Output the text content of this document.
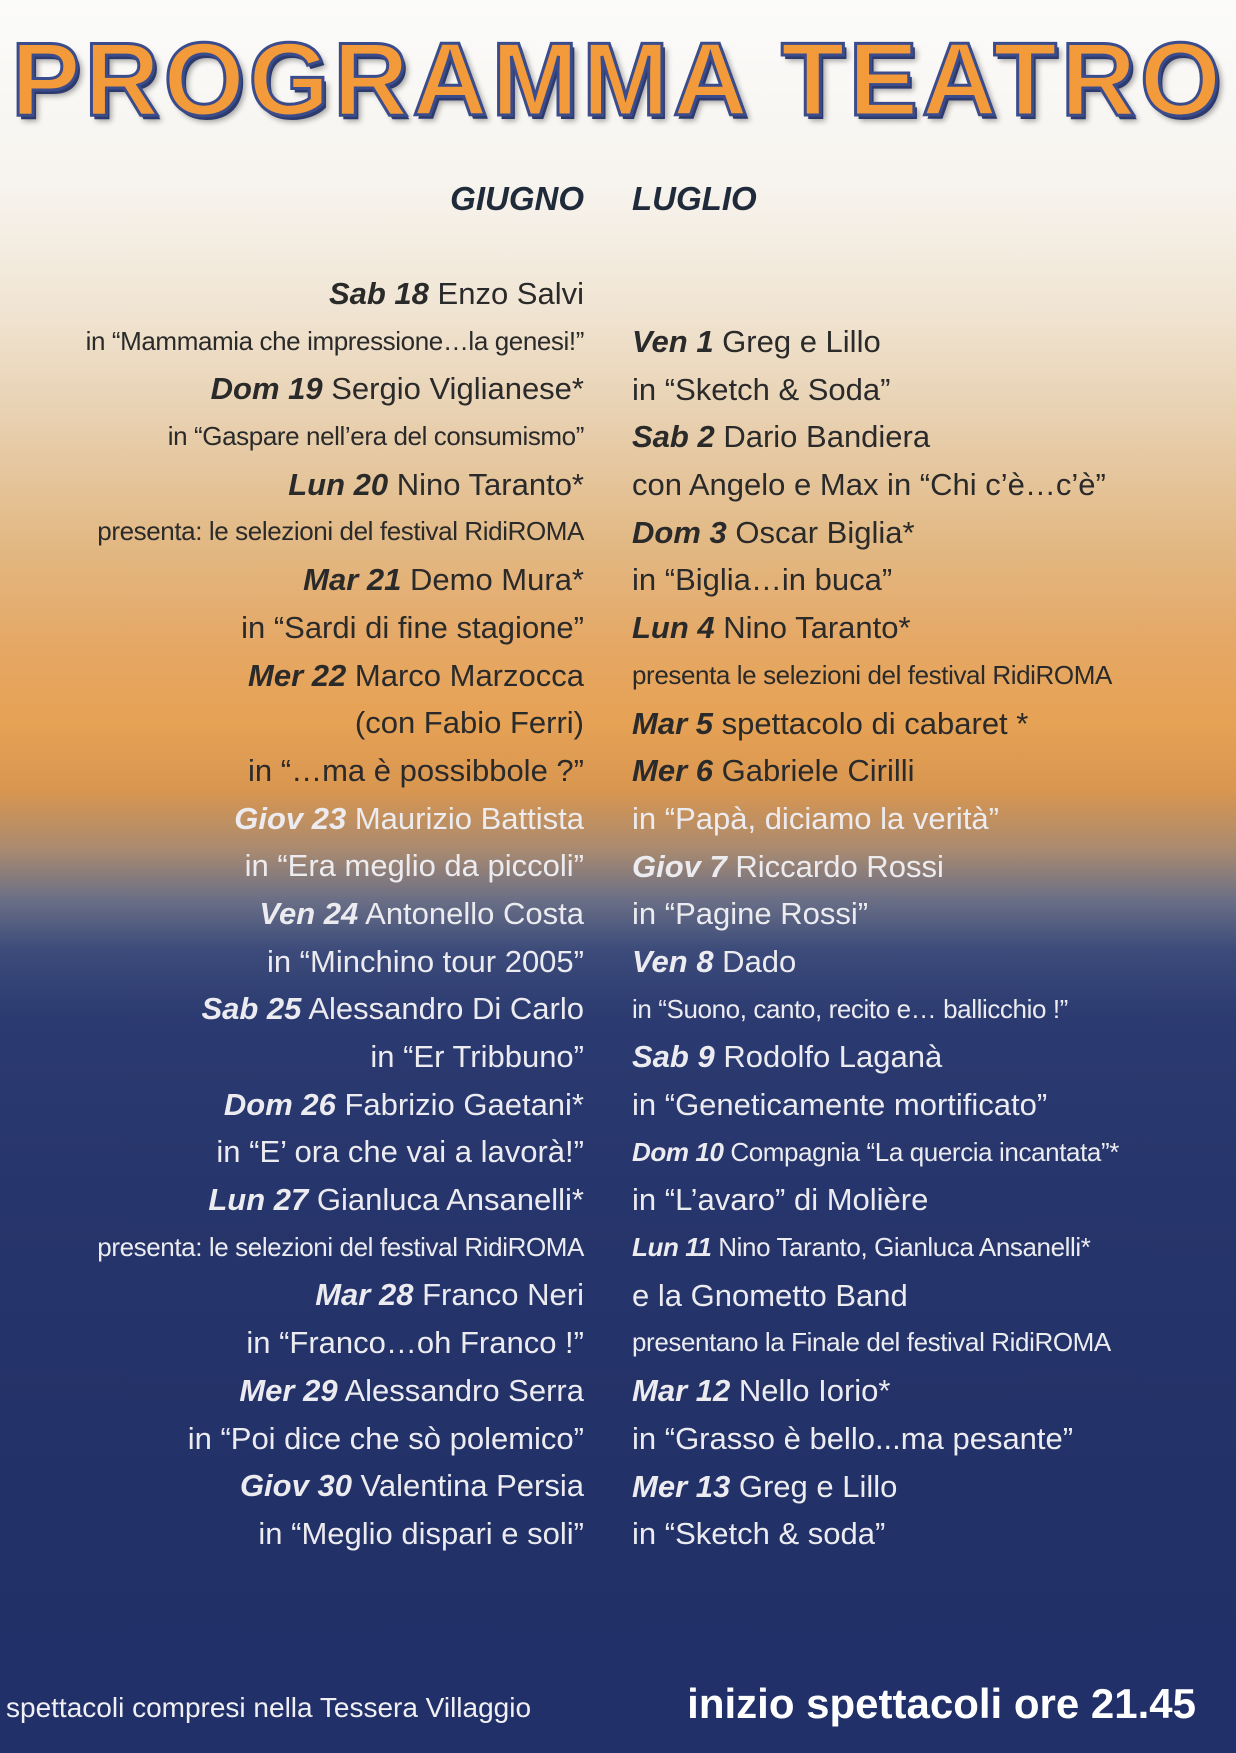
PROGRAMMA TEATRO
GIUGNO LUGLIO
Sab 18 Enzo Salvi
in “Mammamia che impressione…la genesi!”
Dom 19 Sergio Viglianese*
in “Gaspare nell’era del consumismo”
Lun 20 Nino Taranto*
presenta: le selezioni del festival RidiROMA
Mar 21 Demo Mura*
in “Sardi di fine stagione”
Mer 22 Marco Marzocca
(con Fabio Ferri)
in “…ma è possibbole ?”
Giov 23 Maurizio Battista
in “Era meglio da piccoli”
Ven 24 Antonello Costa
in “Minchino tour 2005”
Sab 25 Alessandro Di Carlo
in “Er Tribbuno”
Dom 26 Fabrizio Gaetani*
in “E’ ora che vai a lavorà!”
Lun 27 Gianluca Ansanelli*
presenta: le selezioni del festival RidiROMA
Mar 28 Franco Neri
in “Franco…oh Franco !”
Mer 29 Alessandro Serra
in “Poi dice che sò polemico”
Giov 30 Valentina Persia
in “Meglio dispari e soli”
Ven 1 Greg e Lillo
in “Sketch & Soda”
Sab 2 Dario Bandiera
con Angelo e Max in “Chi c’è…c’è”
Dom 3 Oscar Biglia*
in “Biglia…in buca”
Lun 4 Nino Taranto*
presenta le selezioni del festival RidiROMA
Mar 5 spettacolo di cabaret *
Mer 6 Gabriele Cirilli
in “Papà, diciamo la verità”
Giov 7 Riccardo Rossi
in “Pagine Rossi”
Ven 8 Dado
in “Suono, canto, recito e… ballicchio !”
Sab 9 Rodolfo Laganà
in “Geneticamente mortificato”
Dom 10 Compagnia “La quercia incantata”*
in “L’avaro” di Molière
Lun 11 Nino Taranto, Gianluca Ansanelli*
e la Gnometto Band
presentano la Finale del festival RidiROMA
Mar 12 Nello Iorio*
in “Grasso è bello...ma pesante”
Mer 13 Greg e Lillo
in “Sketch & soda”
spettacoli compresi nella Tessera Villaggio	inizio spettacoli ore 21.45
